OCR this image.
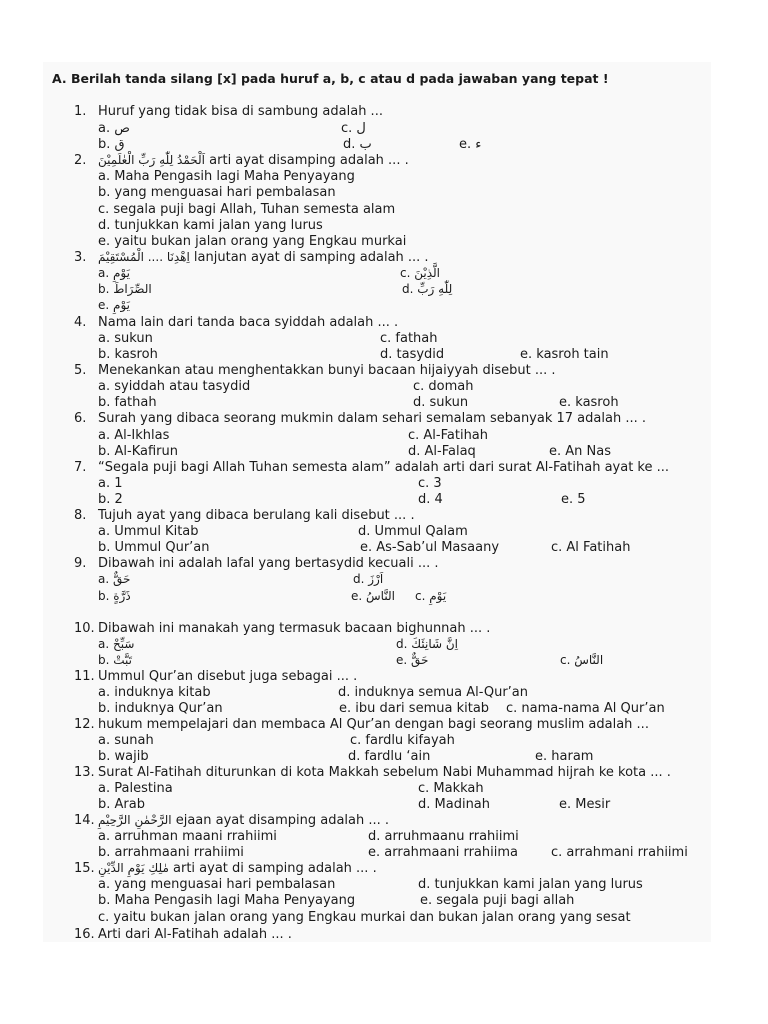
A. Berilah tanda silang [x] pada huruf a, b, c atau d pada jawaban yang tepat !
1. Huruf yang tidak bisa di sambung adalah ...
a. ص	c. ل
b. ق	d. ب	e. ء
2. اَلْحَمْدُ لِلّٰهِ رَبِّ الْعٰلَمِيْنَ arti ayat disamping adalah ... .
a. Maha Pengasih lagi Maha Penyayang
b. yang menguasai hari pembalasan
c. segala puji bagi Allah, Tuhan semesta alam
d. tunjukkan kami jalan yang lurus
e. yaitu bukan jalan orang yang Engkau murkai
3. اِهْدِنَا .... الْمُسْتَقِيْمَ lanjutan ayat di samping adalah ... .
a. يَوْمِ	c. الَّذِيْنَ
b. الصِّرَاطَ	d. لِلّٰهِ رَبِّ
e. يَوْمِ
4. Nama lain dari tanda baca syiddah adalah ... .
a. sukun	c. fathah
b. kasroh	d. tasydid	e. kasroh tain
5. Menekankan atau menghentakkan bunyi bacaan hijaiyyah disebut ... .
a. syiddah atau tasydid	c. domah
b. fathah	d. sukun	e. kasroh
6. Surah yang dibaca seorang mukmin dalam sehari semalam sebanyak 17 adalah ... .
a. Al-Ikhlas	c. Al-Fatihah
b. Al-Kafirun	d. Al-Falaq	e. An Nas
7. “Segala puji bagi Allah Tuhan semesta alam” adalah arti dari surat Al-Fatihah ayat ke ...
a. 1	c. 3
b. 2	d. 4	e. 5
8. Tujuh ayat yang dibaca berulang kali disebut ... .
a. Ummul Kitab	d. Ummul Qalam
b. Ummul Qur’an	e. As-Sab’ul Masaany	c. Al Fatihah
9. Dibawah ini adalah lafal yang bertasydid kecuali ... .
a. حَقٌّ	d. اَرْزَ
b. ذَرَّةٍ	e. النَّاسُ c. يَوْمِ
10. Dibawah ini manakah yang termasuk bacaan bighunnah ... .
a. سَبِّحْ	d. اِنَّ شَانِئَكَ
b. تَبَّتْ	e. حَقٌّ	c. النَّاسُ
11. Ummul Qur’an disebut juga sebagai ... .
a. induknya kitab	d. induknya semua Al-Qur’an
b. induknya Qur’an	e. ibu dari semua kitab c. nama-nama Al Qur’an
12. hukum mempelajari dan membaca Al Qur’an dengan bagi seorang muslim adalah ...
a. sunah	c. fardlu kifayah
b. wajib	d. fardlu ‘ain	e. haram
13. Surat Al-Fatihah diturunkan di kota Makkah sebelum Nabi Muhammad hijrah ke kota ... .
a. Palestina	c. Makkah
b. Arab	d. Madinah	e. Mesir
14. الرَّحْمٰنِ الرَّحِيْمِ ejaan ayat disamping adalah ... .
a. arruhman maani rrahiimi	d. arruhmaanu rrahiimi
b. arrahmaani rrahiimi	e. arrahmaani rrahiima	c. arrahmani rrahiimi
15. مٰلِكِ يَوْمِ الدِّيْنِ arti ayat di samping adalah ... .
a. yang menguasai hari pembalasan	d. tunjukkan kami jalan yang lurus
b. Maha Pengasih lagi Maha Penyayang	e. segala puji bagi allah
c. yaitu bukan jalan orang yang Engkau murkai dan bukan jalan orang yang sesat
16. Arti dari Al-Fatihah adalah ... .
